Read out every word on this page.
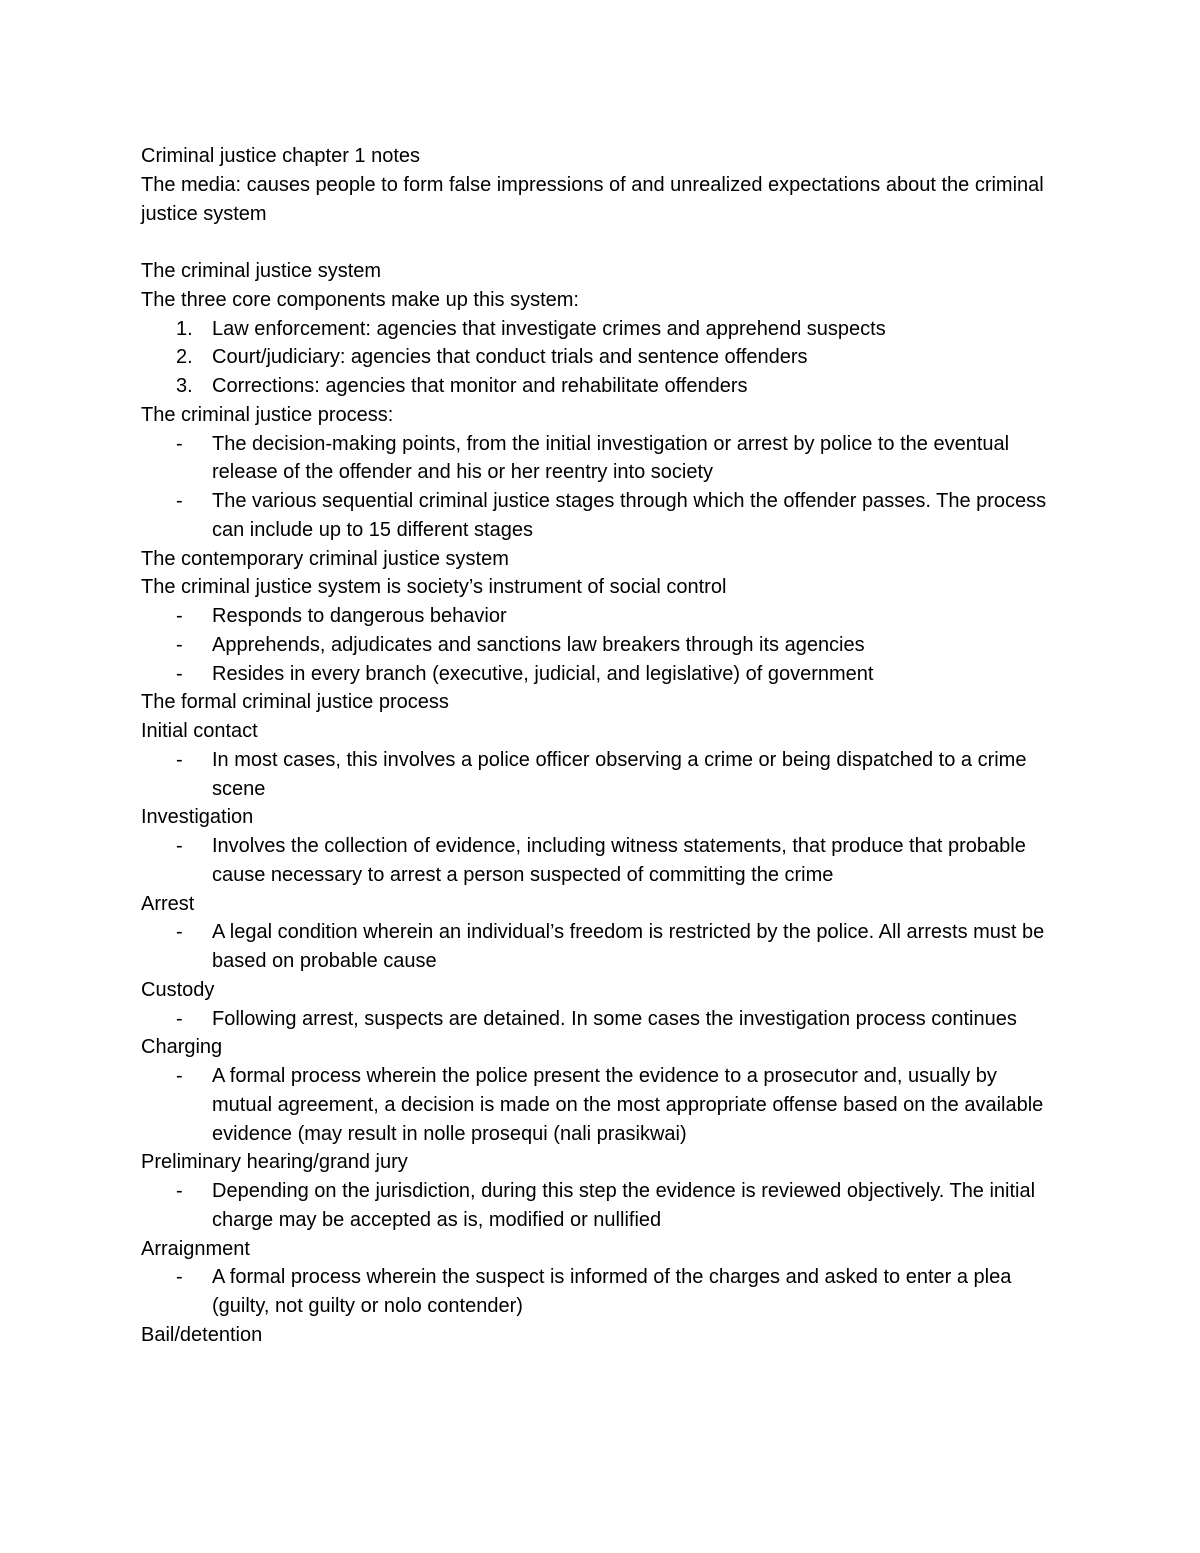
Criminal justice chapter 1 notes

The media: causes people to form false impressions of and unrealized expectations about the criminal justice system

The criminal justice system

The three core components make up this system:

1. Law enforcement: agencies that investigate crimes and apprehend suspects
2. Court/judiciary: agencies that conduct trials and sentence offenders
3. Corrections: agencies that monitor and rehabilitate offenders

The criminal justice process:

- The decision-making points, from the initial investigation or arrest by police to the eventual release of the offender and his or her reentry into society
- The various sequential criminal justice stages through which the offender passes. The process can include up to 15 different stages

The contemporary criminal justice system

The criminal justice system is society’s instrument of social control

- Responds to dangerous behavior
- Apprehends, adjudicates and sanctions law breakers through its agencies
- Resides in every branch (executive, judicial, and legislative) of government

The formal criminal justice process

Initial contact

- In most cases, this involves a police officer observing a crime or being dispatched to a crime scene

Investigation

- Involves the collection of evidence, including witness statements, that produce that probable cause necessary to arrest a person suspected of committing the crime

Arrest

- A legal condition wherein an individual’s freedom is restricted by the police. All arrests must be based on probable cause

Custody

- Following arrest, suspects are detained. In some cases the investigation process continues

Charging

- A formal process wherein the police present the evidence to a prosecutor and, usually by mutual agreement, a decision is made on the most appropriate offense based on the available evidence (may result in nolle prosequi (nali prasikwai)

Preliminary hearing/grand jury

- Depending on the jurisdiction, during this step the evidence is reviewed objectively. The initial charge may be accepted as is, modified or nullified

Arraignment

- A formal process wherein the suspect is informed of the charges and asked to enter a plea (guilty, not guilty or nolo contender)

Bail/detention
